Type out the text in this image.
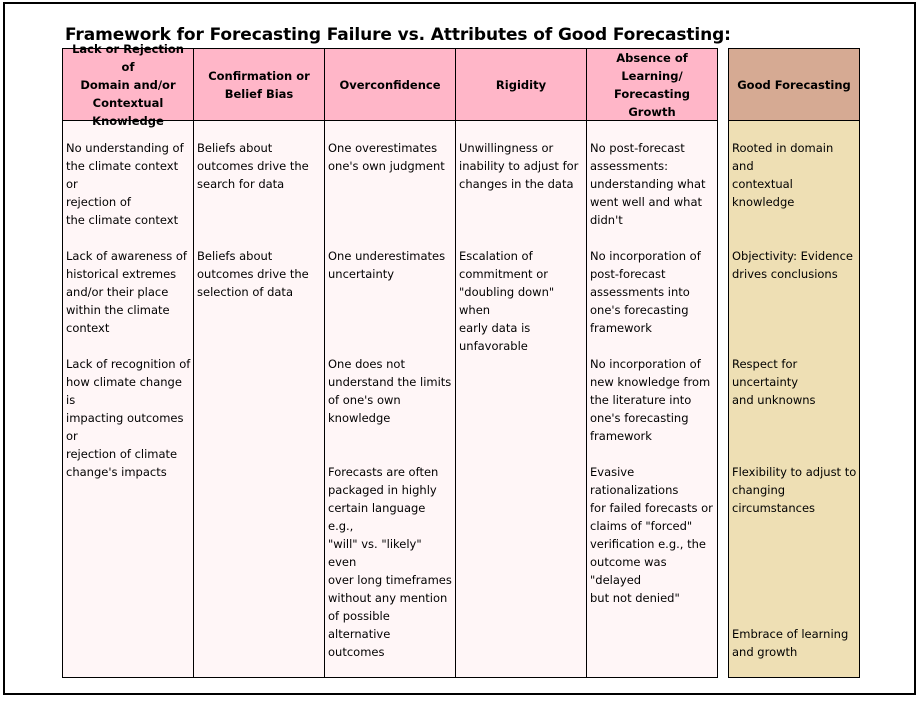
Framework for Forecasting Failure vs. Attributes of Good Forecasting:
Lack or Rejection of
Domain and/or
Contextual Knowledge
No understanding of
the climate context or
rejection of
the climate context
Lack of awareness of
historical extremes
and/or their place
within the climate
context
Lack of recognition of
how climate change is
impacting outcomes or
rejection of climate
change's impacts
Confirmation or
Belief Bias
Beliefs about
outcomes drive the
search for data
Beliefs about
outcomes drive the
selection of data
Overconfidence
One overestimates
one's own judgment
One underestimates
uncertainty
One does not
understand the limits
of one's own
knowledge
Forecasts are often
packaged in highly
certain language e.g.,
"will" vs. "likely" even
over long timeframes
without any mention
of possible alternative
outcomes
Rigidity
Unwillingness or
inability to adjust for
changes in the data
Escalation of
commitment or
"doubling down" when
early data is
unfavorable
Absence of Learning/
Forecasting Growth
No post-forecast
assessments:
understanding what
went well and what
didn't
No incorporation of
post-forecast
assessments into
one's forecasting
framework
No incorporation of
new knowledge from
the literature into
one's forecasting
framework
Evasive
rationalizations
for failed forecasts or
claims of "forced"
verification e.g., the
outcome was "delayed
but not denied"
Good Forecasting
Rooted in domain and
contextual knowledge
Objectivity: Evidence
drives conclusions
Respect for
uncertainty
and unknowns
Flexibility to adjust to
changing
circumstances
Embrace of learning
and growth
